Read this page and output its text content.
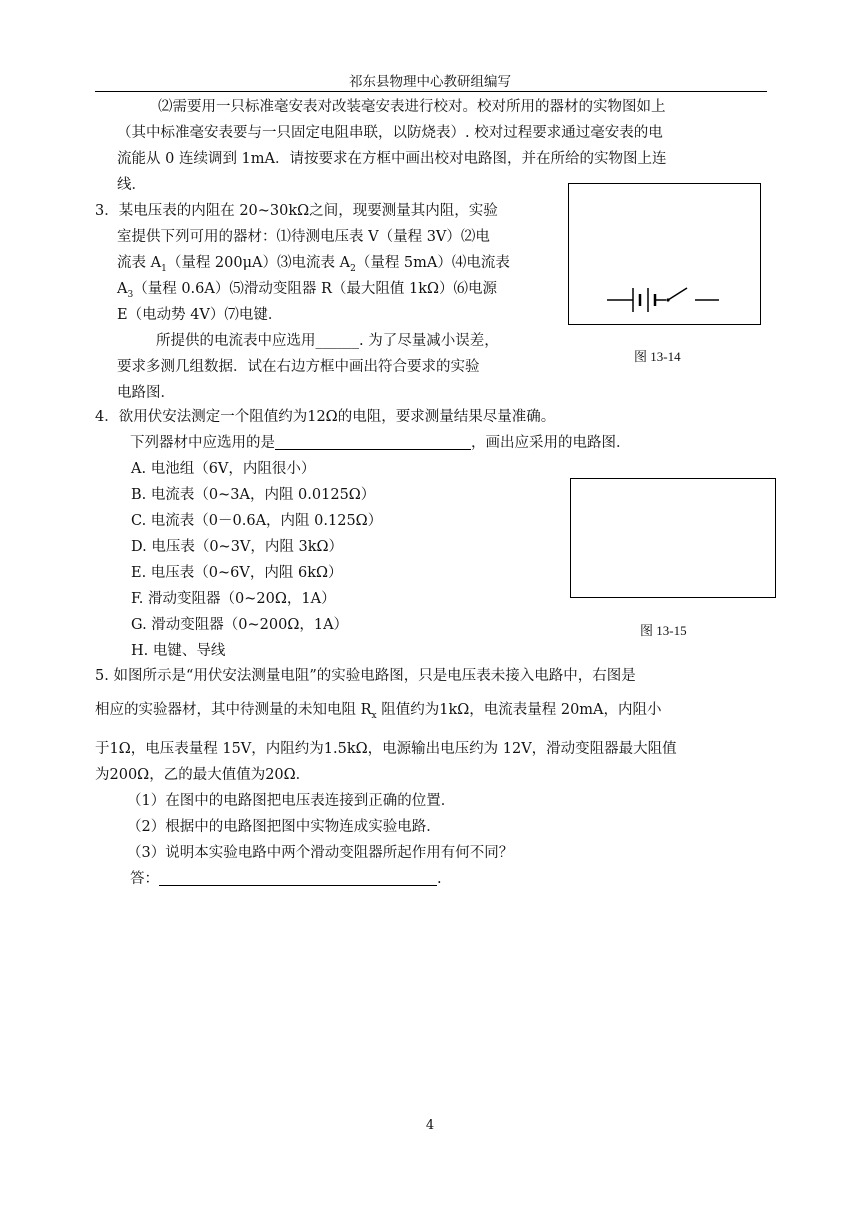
祁东县物理中心教研组编写
⑵需要用一只标准毫安表对改装毫安表进行校对。校对所用的器材的实物图如上
（其中标准毫安表要与一只固定电阻串联，以防烧表）. 校对过程要求通过毫安表的电
流能从 0 连续调到 1mA．请按要求在方框中画出校对电路图，并在所给的实物图上连
线．
3．某电压表的内阻在 20~30kΩ之间，现要测量其内阻，实验
室提供下列可用的器材：⑴待测电压表 V（量程 3V）⑵电
流表 $A_1$（量程 200μA）⑶电流表 $A_2$（量程 5mA）⑷电流表
$A_3$（量程 0.6A）⑸滑动变阻器 R（最大阻值 1kΩ）⑹电源
E（电动势 4V）⑺电键．
所提供的电流表中应选用______. 为了尽量减小误差，
要求多测几组数据．试在右边方框中画出符合要求的实验
电路图．
图 13-14
4．欲用伏安法测定一个阻值约为12Ω的电阻，要求测量结果尽量准确。
下列器材中应选用的是	，画出应采用的电路图．
A. 电池组（6V，内阻很小）
B. 电流表（0~3A，内阻 0.0125Ω）
C. 电流表（0－0.6A，内阻 0.125Ω）
D. 电压表（0~3V，内阻 3kΩ）
E. 电压表（0~6V，内阻 6kΩ）
F. 滑动变阻器（0~20Ω，1A）
G. 滑动变阻器（0~200Ω，1A）
H. 电键、导线
图 13-15
5. 如图所示是“用伏安法测量电阻”的实验电路图，只是电压表未接入电路中，右图是
相应的实验器材，其中待测量的未知电阻 $R_x$ 阻值约为1kΩ，电流表量程 20mA，内阻小
于1Ω，电压表量程 15V，内阻约为1.5kΩ，电源输出电压约为 12V，滑动变阻器最大阻值
为200Ω，乙的最大值值为20Ω．
（1）在图中的电路图把电压表连接到正确的位置．
（2）根据中的电路图把图中实物连成实验电路．
（3）说明本实验电路中两个滑动变阻器所起作用有何不同？
答：	.
4
